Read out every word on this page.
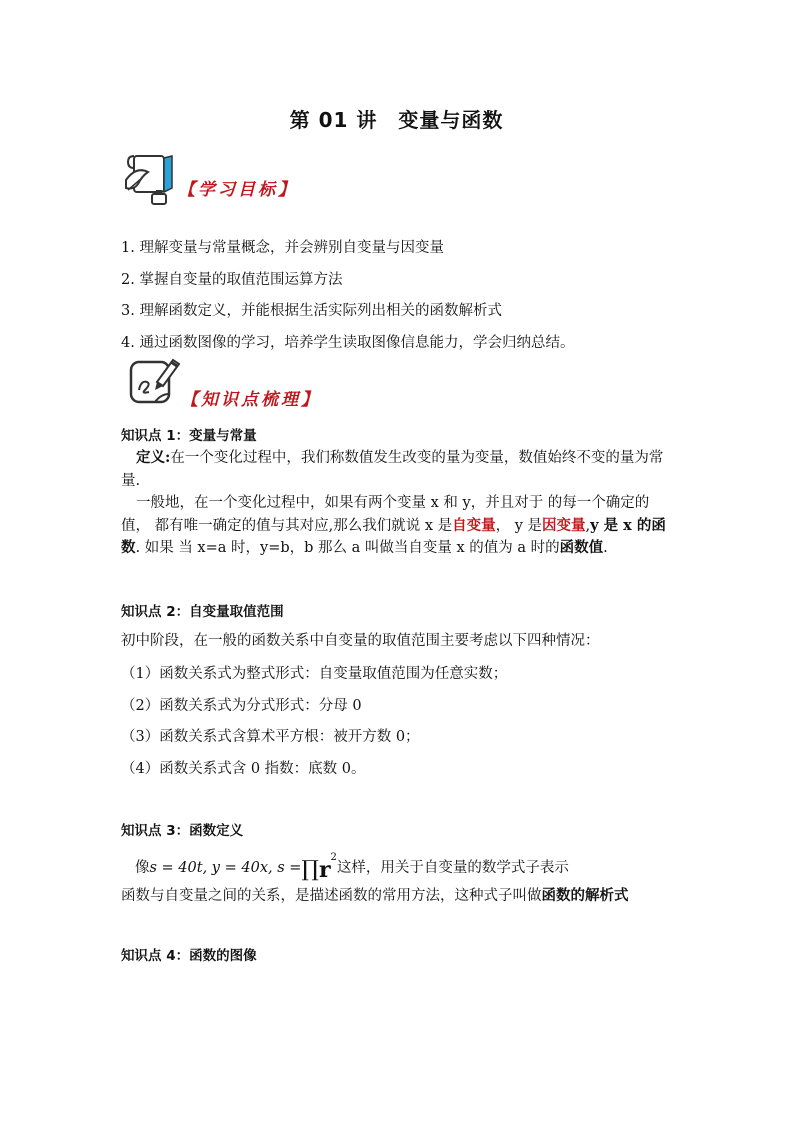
第 01 讲　变量与函数
【学习目标】
1. 理解变量与常量概念，并会辨别自变量与因变量
2. 掌握自变量的取值范围运算方法
3. 理解函数定义，并能根据生活实际列出相关的函数解析式
4. 通过函数图像的学习，培养学生读取图像信息能力，学会归纳总结。
【知识点梳理】
知识点 1：变量与常量
定义:在一个变化过程中，我们称数值发生改变的量为变量，数值始终不变的量为常量.
一般地，在一个变化过程中，如果有两个变量 x 和 y，并且对于 的每一个确定的值， 都有唯一确定的值与其对应,那么我们就说 x 是自变量， y 是因变量,y 是 x 的函数. 如果 当 x=a 时，y=b，b 那么 a 叫做当自变量 x 的值为 a 时的函数值.
知识点 2：自变量取值范围
初中阶段，在一般的函数关系中自变量的取值范围主要考虑以下四种情况：
（1）函数关系式为整式形式：自变量取值范围为任意实数；
（2）函数关系式为分式形式：分母 0
（3）函数关系式含算术平方根：被开方数 0；
（4）函数关系式含 0 指数：底数 0。
知识点 3：函数定义
像s = 40t, y = 40x, $s =\prod r^2$这样，用关于自变量的数学式子表示
函数与自变量之间的关系，是描述函数的常用方法，这种式子叫做函数的解析式
知识点 4：函数的图像
